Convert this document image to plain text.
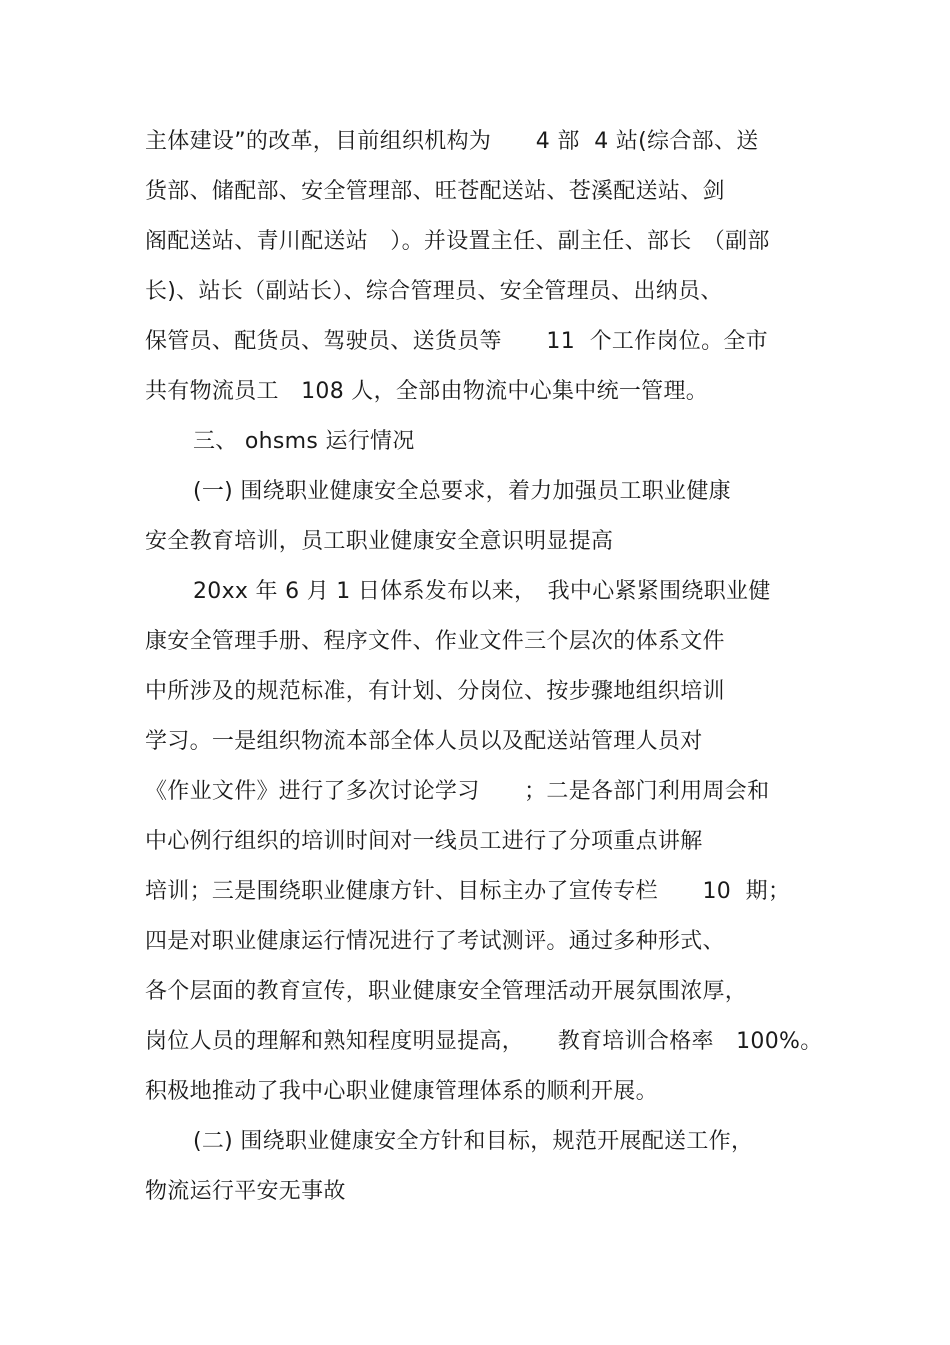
主体建设”的改革，目前组织机构为　　4 部  4 站(综合部、送
货部、储配部、安全管理部、旺苍配送站、苍溪配送站、剑
阁配送站、青川配送站　）。并设置主任、副主任、部长　（副部
长)、站长（副站长）、综合管理员、安全管理员、出纳员、
保管员、配货员、驾驶员、送货员等　　11  个工作岗位。全市
共有物流员工　108 人，全部由物流中心集中统一管理。
三、 ohsms 运行情况
(一) 围绕职业健康安全总要求，着力加强员工职业健康
安全教育培训，员工职业健康安全意识明显提高
20xx 年 6 月 1 日体系发布以来，　我中心紧紧围绕职业健
康安全管理手册、程序文件、作业文件三个层次的体系文件
中所涉及的规范标准，有计划、分岗位、按步骤地组织培训
学习。一是组织物流本部全体人员以及配送站管理人员对
《作业文件》进行了多次讨论学习　　；二是各部门利用周会和
中心例行组织的培训时间对一线员工进行了分项重点讲解
培训；三是围绕职业健康方针、目标主办了宣传专栏　　10  期；
四是对职业健康运行情况进行了考试测评。通过多种形式、
各个层面的教育宣传，职业健康安全管理活动开展氛围浓厚，
岗位人员的理解和熟知程度明显提高，　　教育培训合格率　100%。
积极地推动了我中心职业健康管理体系的顺利开展。
(二) 围绕职业健康安全方针和目标，规范开展配送工作，
物流运行平安无事故
